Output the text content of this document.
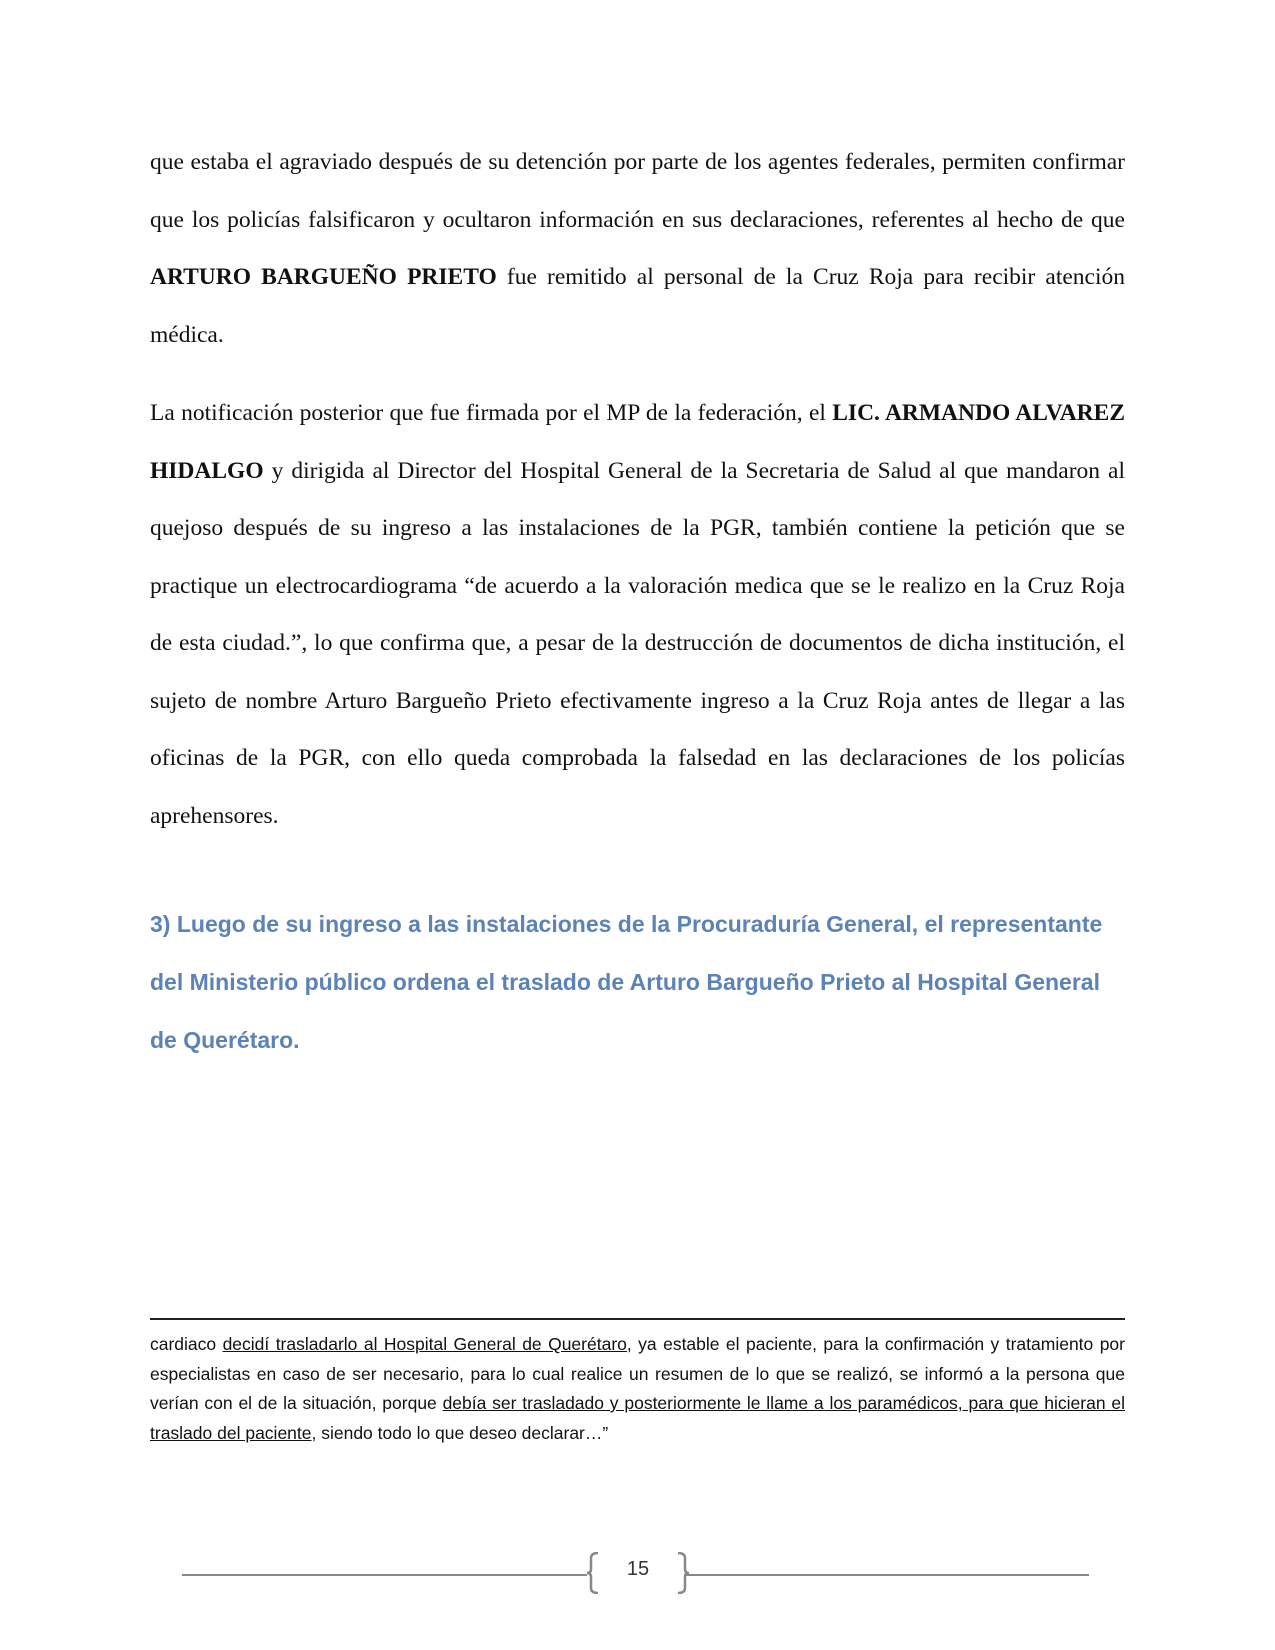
que estaba el agraviado después de su detención por parte de los agentes federales, permiten confirmar que los policías falsificaron y ocultaron información en sus declaraciones, referentes al hecho de que ARTURO BARGUEÑO PRIETO fue remitido al personal de la Cruz Roja para recibir atención médica.

La notificación posterior que fue firmada por el MP de la federación, el LIC. ARMANDO ALVAREZ HIDALGO y dirigida al Director del Hospital General de la Secretaria de Salud al que mandaron al quejoso después de su ingreso a las instalaciones de la PGR, también contiene la petición que se practique un electrocardiograma “de acuerdo a la valoración medica que se le realizo en la Cruz Roja de esta ciudad.”, lo que confirma que, a pesar de la destrucción de documentos de dicha institución, el sujeto de nombre Arturo Bargueño Prieto efectivamente ingreso a la Cruz Roja antes de llegar a las oficinas de la PGR, con ello queda comprobada la falsedad en las declaraciones de los policías aprehensores.

3) Luego de su ingreso a las instalaciones de la Procuraduría General, el representante del Ministerio público ordena el traslado de Arturo Bargueño Prieto al Hospital General de Querétaro.

cardiaco decidí trasladarlo al Hospital General de Querétaro, ya estable el paciente, para la confirmación y tratamiento por especialistas en caso de ser necesario, para lo cual realice un resumen de lo que se realizó, se informó a la persona que verían con el de la situación, porque debía ser trasladado y posteriormente le llame a los paramédicos, para que hicieran el traslado del paciente, siendo todo lo que deseo declarar…”

15
